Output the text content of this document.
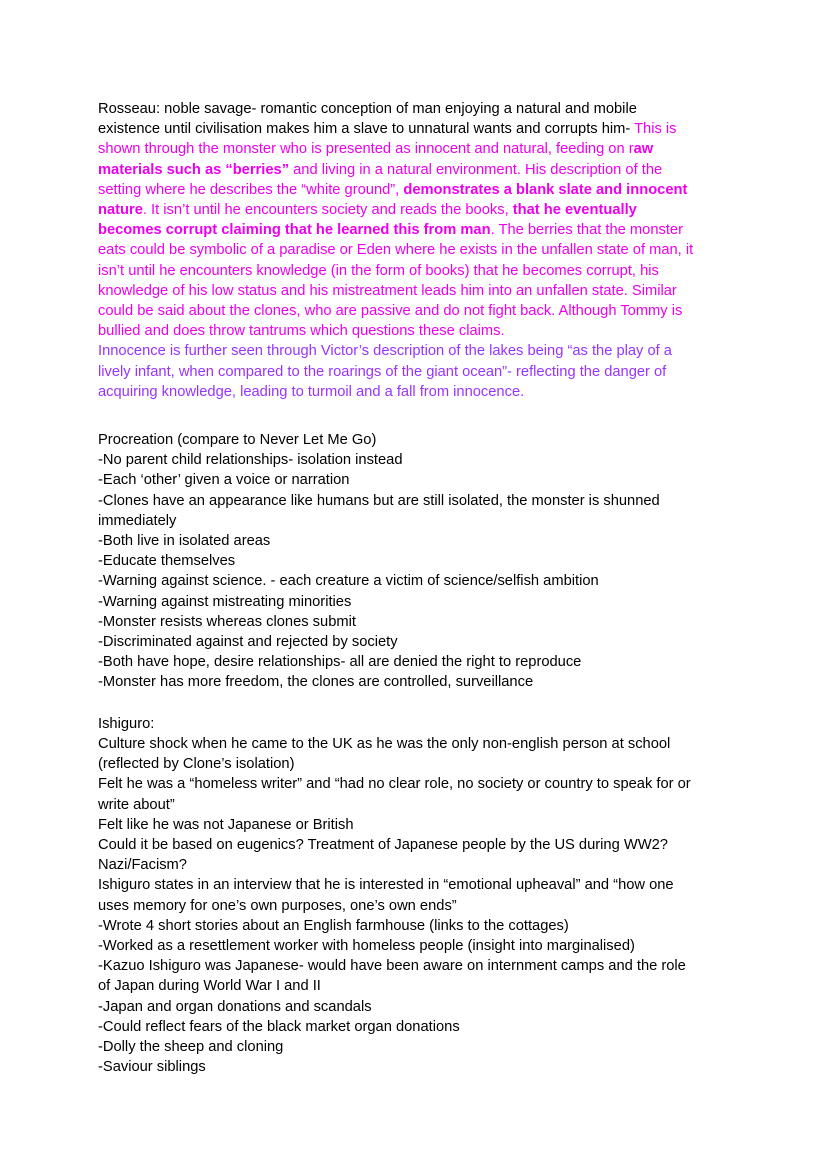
Rosseau: noble savage- romantic conception of man enjoying a natural and mobile
existence until civilisation makes him a slave to unnatural wants and corrupts him- This is
shown through the monster who is presented as innocent and natural, feeding on raw
materials such as “berries” and living in a natural environment. His description of the
setting where he describes the “white ground”, demonstrates a blank slate and innocent
nature. It isn’t until he encounters society and reads the books, that he eventually
becomes corrupt claiming that he learned this from man. The berries that the monster
eats could be symbolic of a paradise or Eden where he exists in the unfallen state of man, it
isn’t until he encounters knowledge (in the form of books) that he becomes corrupt, his
knowledge of his low status and his mistreatment leads him into an unfallen state. Similar
could be said about the clones, who are passive and do not fight back. Although Tommy is
bullied and does throw tantrums which questions these claims.
Innocence is further seen through Victor’s description of the lakes being “as the play of a
lively infant, when compared to the roarings of the giant ocean”- reflecting the danger of
acquiring knowledge, leading to turmoil and a fall from innocence.
Procreation (compare to Never Let Me Go)
-No parent child relationships- isolation instead
-Each ‘other’ given a voice or narration
-Clones have an appearance like humans but are still isolated, the monster is shunned
immediately
-Both live in isolated areas
-Educate themselves
-Warning against science. - each creature a victim of science/selfish ambition
-Warning against mistreating minorities
-Monster resists whereas clones submit
-Discriminated against and rejected by society
-Both have hope, desire relationships- all are denied the right to reproduce
-Monster has more freedom, the clones are controlled, surveillance
Ishiguro:
Culture shock when he came to the UK as he was the only non-english person at school
(reflected by Clone’s isolation)
Felt he was a “homeless writer” and “had no clear role, no society or country to speak for or
write about”
Felt like he was not Japanese or British
Could it be based on eugenics? Treatment of Japanese people by the US during WW2?
Nazi/Facism?
Ishiguro states in an interview that he is interested in “emotional upheaval” and “how one
uses memory for one’s own purposes, one’s own ends”
-Wrote 4 short stories about an English farmhouse (links to the cottages)
-Worked as a resettlement worker with homeless people (insight into marginalised)
-Kazuo Ishiguro was Japanese- would have been aware on internment camps and the role
of Japan during World War I and II
-Japan and organ donations and scandals
-Could reflect fears of the black market organ donations
-Dolly the sheep and cloning
-Saviour siblings
